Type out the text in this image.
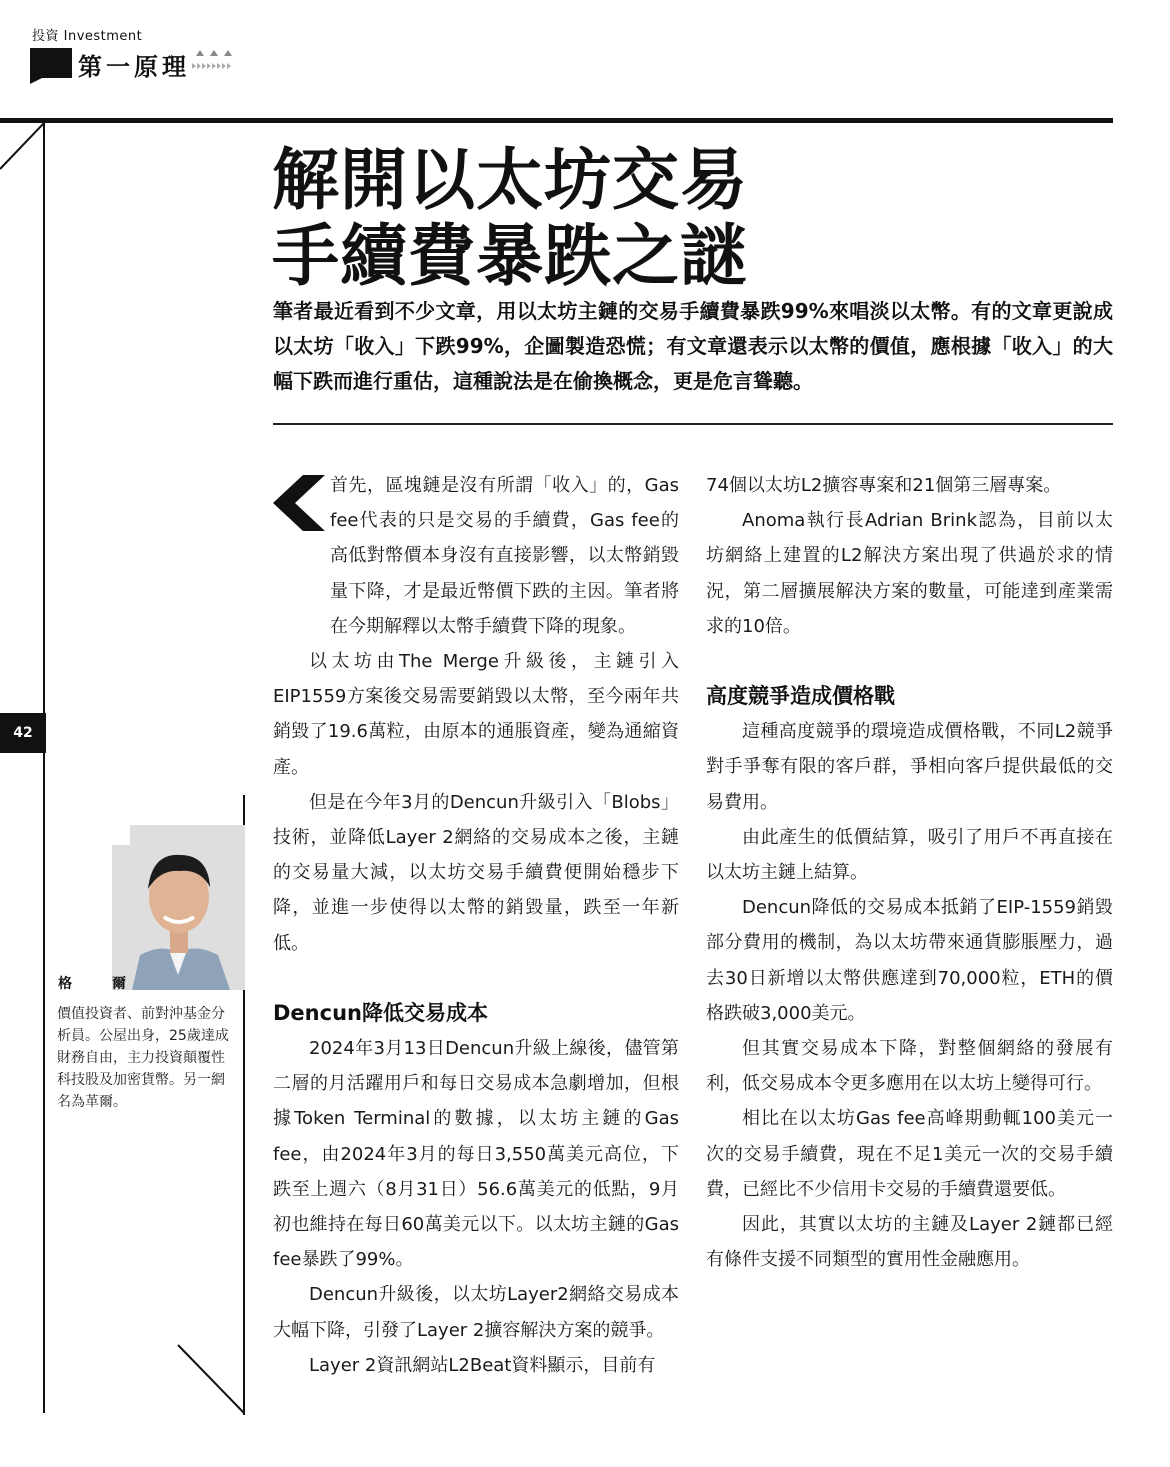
投資 Investment
第一原理
42
解開以太坊交易
手續費暴跌之謎
筆者最近看到不少文章，用以太坊主鏈的交易手續費暴跌99%來唱淡以太幣。有的文章更說成以太坊「收入」下跌99%，企圖製造恐慌；有文章還表示以太幣的價值，應根據「收入」的大幅下跌而進行重估，這種說法是在偷換概念，更是危言聳聽。
格爾
價值投資者、前對沖基金分析員。公屋出身，25歲達成財務自由，主力投資顛覆性科技股及加密貨幣。另一網名為革爾。

首先，區塊鏈是沒有所謂「收入」的，Gas fee代表的只是交易的手續費，Gas fee的高低對幣價本身沒有直接影響，以太幣銷毀量下降，才是最近幣價下跌的主因。筆者將在今期解釋以太幣手續費下降的現象。

以太坊由The Merge升級後，主鏈引入EIP1559方案後交易需要銷毀以太幣，至今兩年共銷毀了19.6萬粒，由原本的通脹資產，變為通縮資產。

但是在今年3月的Dencun升級引入「Blobs」技術，並降低Layer 2網絡的交易成本之後，主鏈的交易量大減，以太坊交易手續費便開始穩步下降，並進一步使得以太幣的銷毀量，跌至一年新低。

Dencun降低交易成本

2024年3月13日Dencun升級上線後，儘管第二層的月活躍用戶和每日交易成本急劇增加，但根據Token Terminal的數據，以太坊主鏈的Gas fee，由2024年3月的每日3,550萬美元高位，下跌至上週六（8月31日）56.6萬美元的低點，9月初也維持在每日60萬美元以下。以太坊主鏈的Gas fee暴跌了99%。

Dencun升級後，以太坊Layer2網絡交易成本大幅下降，引發了Layer 2擴容解決方案的競爭。

Layer 2資訊網站L2Beat資料顯示，目前有

74個以太坊L2擴容專案和21個第三層專案。

Anoma執行長Adrian Brink認為，目前以太坊網絡上建置的L2解決方案出現了供過於求的情況，第二層擴展解決方案的數量，可能達到產業需求的10倍。

高度競爭造成價格戰

這種高度競爭的環境造成價格戰，不同L2競爭對手爭奪有限的客戶群，爭相向客戶提供最低的交易費用。

由此產生的低價結算，吸引了用戶不再直接在以太坊主鏈上結算。

Dencun降低的交易成本抵銷了EIP-1559銷毀部分費用的機制，為以太坊帶來通貨膨脹壓力，過去30日新增以太幣供應達到70,000粒，ETH的價格跌破3,000美元。

但其實交易成本下降，對整個網絡的發展有利，低交易成本令更多應用在以太坊上變得可行。

相比在以太坊Gas fee高峰期動輒100美元一次的交易手續費，現在不足1美元一次的交易手續費，已經比不少信用卡交易的手續費還要低。

因此，其實以太坊的主鏈及Layer 2鏈都已經有條件支援不同類型的實用性金融應用。
